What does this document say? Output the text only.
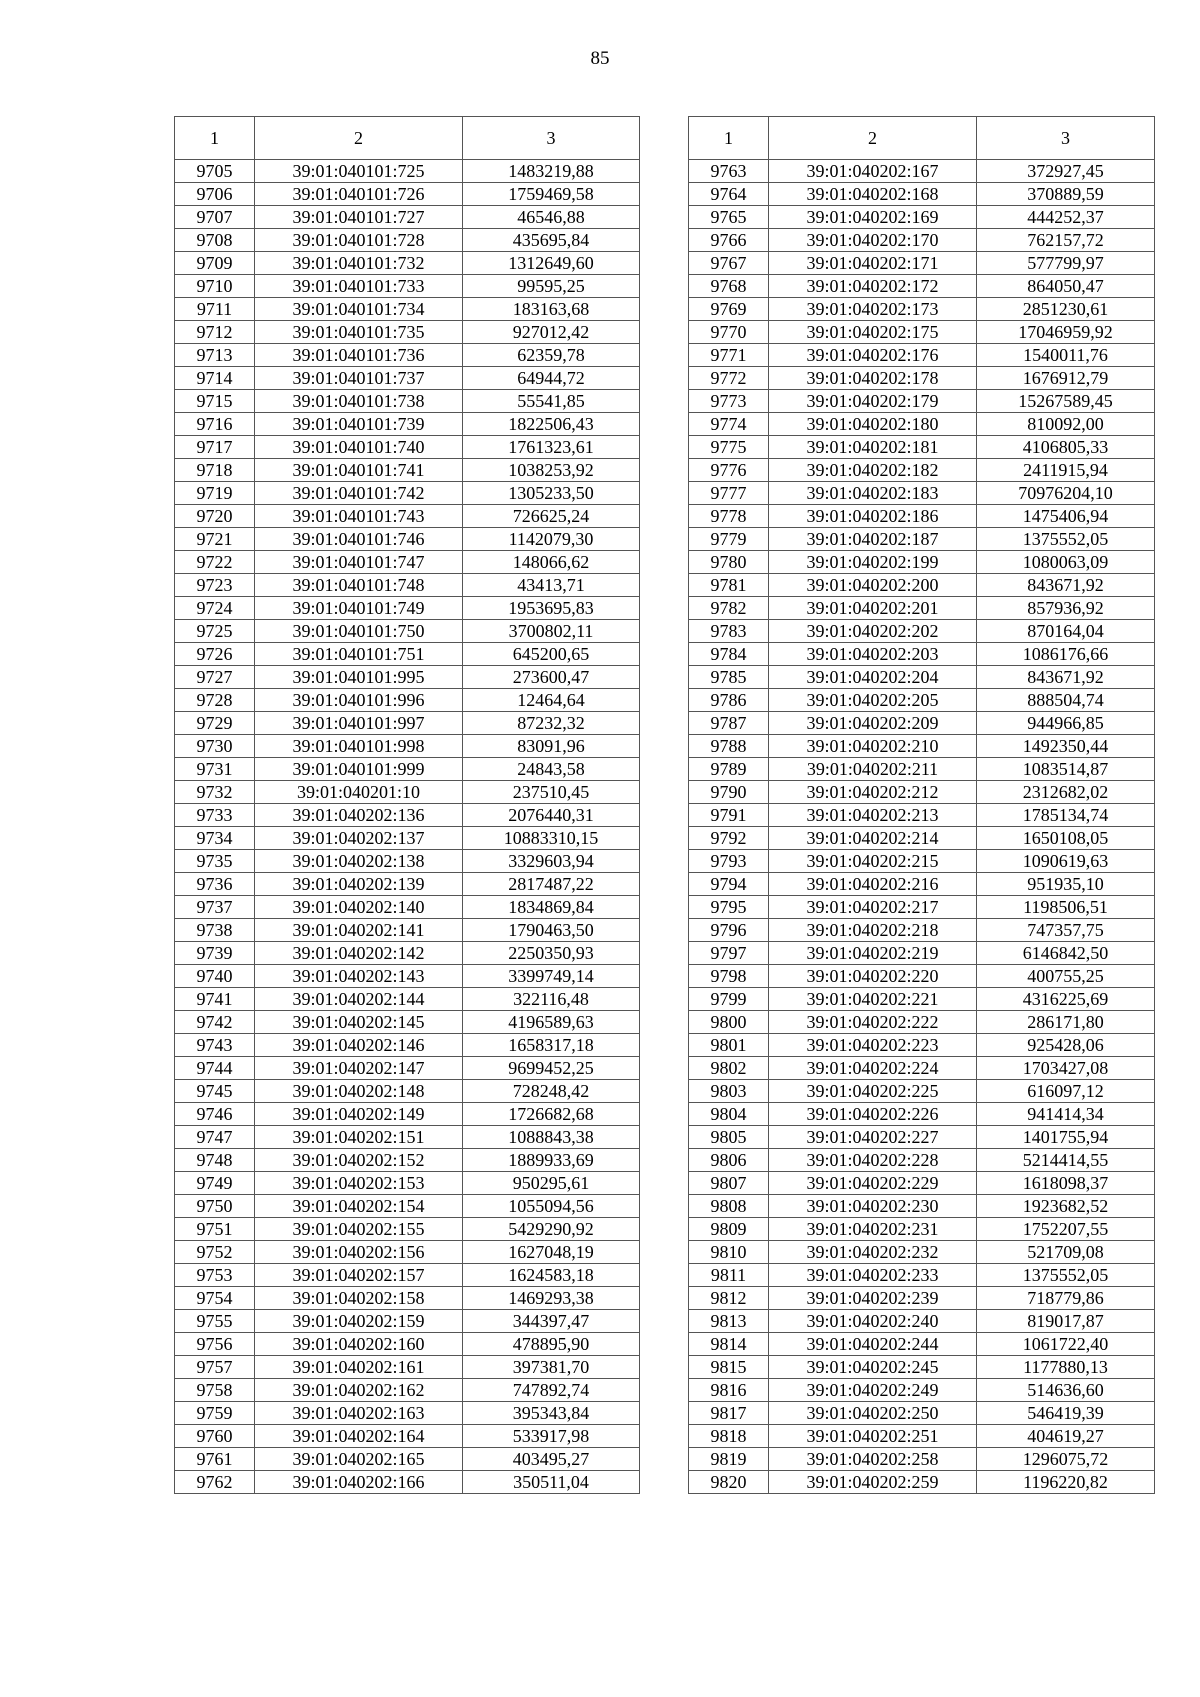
85
1	2	3
9705	39:01:040101:725	1483219,88
9706	39:01:040101:726	1759469,58
9707	39:01:040101:727	46546,88
9708	39:01:040101:728	435695,84
9709	39:01:040101:732	1312649,60
9710	39:01:040101:733	99595,25
9711	39:01:040101:734	183163,68
9712	39:01:040101:735	927012,42
9713	39:01:040101:736	62359,78
9714	39:01:040101:737	64944,72
9715	39:01:040101:738	55541,85
9716	39:01:040101:739	1822506,43
9717	39:01:040101:740	1761323,61
9718	39:01:040101:741	1038253,92
9719	39:01:040101:742	1305233,50
9720	39:01:040101:743	726625,24
9721	39:01:040101:746	1142079,30
9722	39:01:040101:747	148066,62
9723	39:01:040101:748	43413,71
9724	39:01:040101:749	1953695,83
9725	39:01:040101:750	3700802,11
9726	39:01:040101:751	645200,65
9727	39:01:040101:995	273600,47
9728	39:01:040101:996	12464,64
9729	39:01:040101:997	87232,32
9730	39:01:040101:998	83091,96
9731	39:01:040101:999	24843,58
9732	39:01:040201:10	237510,45
9733	39:01:040202:136	2076440,31
9734	39:01:040202:137	10883310,15
9735	39:01:040202:138	3329603,94
9736	39:01:040202:139	2817487,22
9737	39:01:040202:140	1834869,84
9738	39:01:040202:141	1790463,50
9739	39:01:040202:142	2250350,93
9740	39:01:040202:143	3399749,14
9741	39:01:040202:144	322116,48
9742	39:01:040202:145	4196589,63
9743	39:01:040202:146	1658317,18
9744	39:01:040202:147	9699452,25
9745	39:01:040202:148	728248,42
9746	39:01:040202:149	1726682,68
9747	39:01:040202:151	1088843,38
9748	39:01:040202:152	1889933,69
9749	39:01:040202:153	950295,61
9750	39:01:040202:154	1055094,56
9751	39:01:040202:155	5429290,92
9752	39:01:040202:156	1627048,19
9753	39:01:040202:157	1624583,18
9754	39:01:040202:158	1469293,38
9755	39:01:040202:159	344397,47
9756	39:01:040202:160	478895,90
9757	39:01:040202:161	397381,70
9758	39:01:040202:162	747892,74
9759	39:01:040202:163	395343,84
9760	39:01:040202:164	533917,98
9761	39:01:040202:165	403495,27
9762	39:01:040202:166	350511,04
1	2	3
9763	39:01:040202:167	372927,45
9764	39:01:040202:168	370889,59
9765	39:01:040202:169	444252,37
9766	39:01:040202:170	762157,72
9767	39:01:040202:171	577799,97
9768	39:01:040202:172	864050,47
9769	39:01:040202:173	2851230,61
9770	39:01:040202:175	17046959,92
9771	39:01:040202:176	1540011,76
9772	39:01:040202:178	1676912,79
9773	39:01:040202:179	15267589,45
9774	39:01:040202:180	810092,00
9775	39:01:040202:181	4106805,33
9776	39:01:040202:182	2411915,94
9777	39:01:040202:183	70976204,10
9778	39:01:040202:186	1475406,94
9779	39:01:040202:187	1375552,05
9780	39:01:040202:199	1080063,09
9781	39:01:040202:200	843671,92
9782	39:01:040202:201	857936,92
9783	39:01:040202:202	870164,04
9784	39:01:040202:203	1086176,66
9785	39:01:040202:204	843671,92
9786	39:01:040202:205	888504,74
9787	39:01:040202:209	944966,85
9788	39:01:040202:210	1492350,44
9789	39:01:040202:211	1083514,87
9790	39:01:040202:212	2312682,02
9791	39:01:040202:213	1785134,74
9792	39:01:040202:214	1650108,05
9793	39:01:040202:215	1090619,63
9794	39:01:040202:216	951935,10
9795	39:01:040202:217	1198506,51
9796	39:01:040202:218	747357,75
9797	39:01:040202:219	6146842,50
9798	39:01:040202:220	400755,25
9799	39:01:040202:221	4316225,69
9800	39:01:040202:222	286171,80
9801	39:01:040202:223	925428,06
9802	39:01:040202:224	1703427,08
9803	39:01:040202:225	616097,12
9804	39:01:040202:226	941414,34
9805	39:01:040202:227	1401755,94
9806	39:01:040202:228	5214414,55
9807	39:01:040202:229	1618098,37
9808	39:01:040202:230	1923682,52
9809	39:01:040202:231	1752207,55
9810	39:01:040202:232	521709,08
9811	39:01:040202:233	1375552,05
9812	39:01:040202:239	718779,86
9813	39:01:040202:240	819017,87
9814	39:01:040202:244	1061722,40
9815	39:01:040202:245	1177880,13
9816	39:01:040202:249	514636,60
9817	39:01:040202:250	546419,39
9818	39:01:040202:251	404619,27
9819	39:01:040202:258	1296075,72
9820	39:01:040202:259	1196220,82
